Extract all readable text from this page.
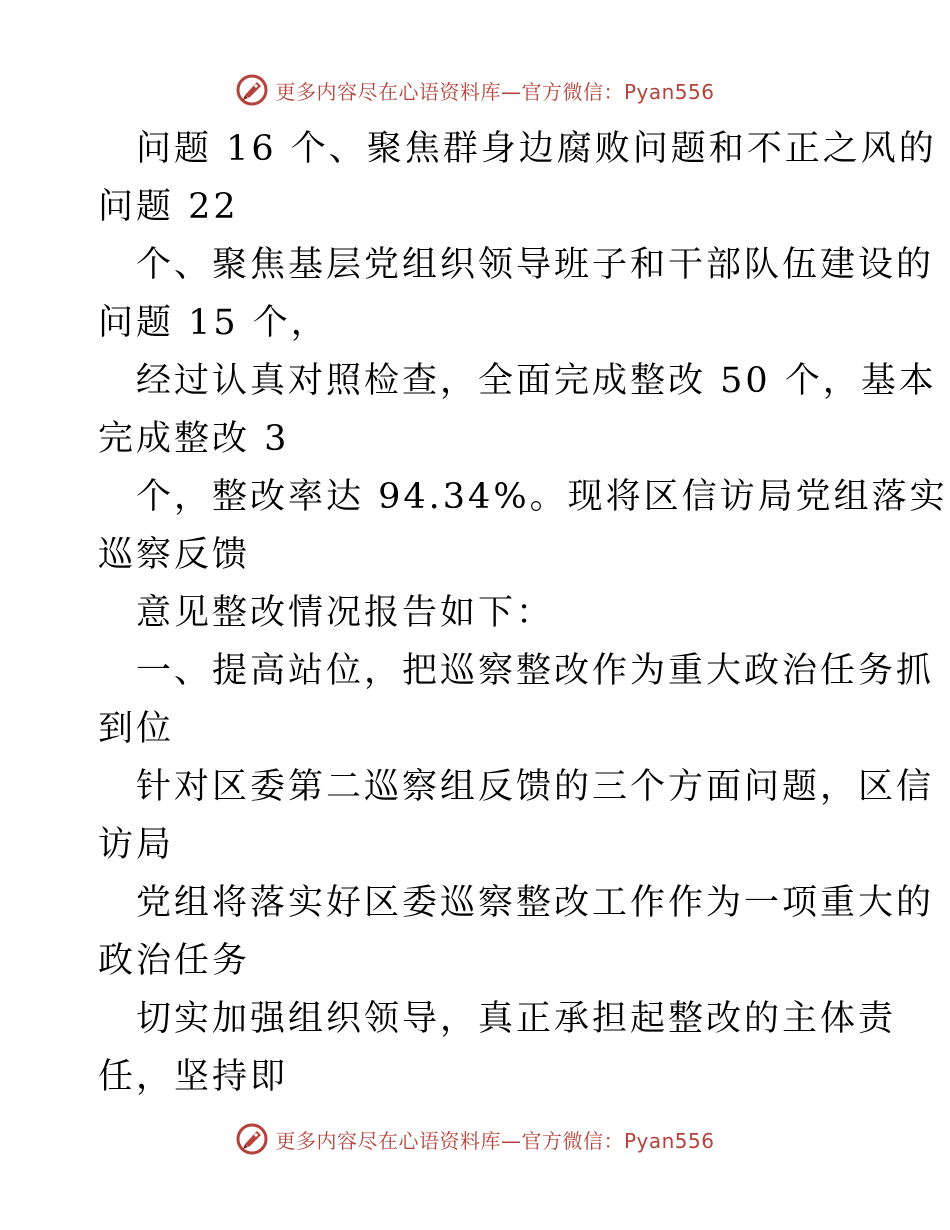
更多内容尽在心语资料库—官方微信：Pyan556
问题 16 个、聚焦群身边腐败问题和不正之风的
问题 22
个、聚焦基层党组织领导班子和干部队伍建设的
问题 15 个，
经过认真对照检查，全面完成整改 50 个，基本
完成整改 3
个，整改率达 94.34%。现将区信访局党组落实
巡察反馈
意见整改情况报告如下：
一、提高站位，把巡察整改作为重大政治任务抓
到位
针对区委第二巡察组反馈的三个方面问题，区信
访局
党组将落实好区委巡察整改工作作为一项重大的
政治任务
切实加强组织领导，真正承担起整改的主体责
任，坚持即
更多内容尽在心语资料库—官方微信：Pyan556
